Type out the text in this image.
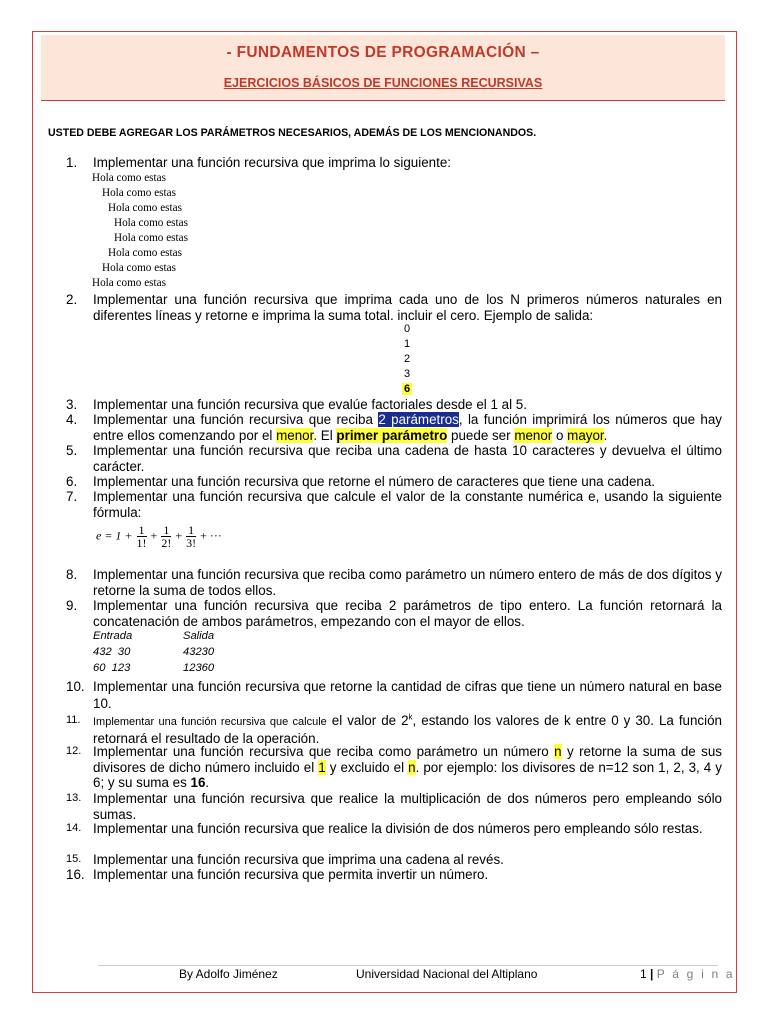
- FUNDAMENTOS DE PROGRAMACIÓN –
EJERCICIOS BÁSICOS DE FUNCIONES RECURSIVAS
USTED DEBE AGREGAR LOS PARÁMETROS NECESARIOS, ADEMÁS DE LOS MENCIONANDOS.
1. Implementar una función recursiva que imprima lo siguiente:
Hola como estas
Hola como estas
Hola como estas
Hola como estas
Hola como estas
Hola como estas
Hola como estas
Hola como estas
2. Implementar una función recursiva que imprima cada uno de los N primeros números naturales en diferentes líneas y retorne e imprima la suma total. incluir el cero. Ejemplo de salida:
0
1
2
3
6
3. Implementar una función recursiva que evalúe factoriales desde el 1 al 5.
4. Implementar una función recursiva que reciba 2 parámetros, la función imprimirá los números que hay entre ellos comenzando por el menor. El primer parámetro puede ser menor o mayor.
5. Implementar una función recursiva que reciba una cadena de hasta 10 caracteres y devuelva el último carácter.
6. Implementar una función recursiva que retorne el número de caracteres que tiene una cadena.
7. Implementar una función recursiva que calcule el valor de la constante numérica e, usando la siguiente fórmula:
$e = 1 + \frac{1}{1!} + \frac{1}{2!} + \frac{1}{3!}$ + ···
8. Implementar una función recursiva que reciba como parámetro un número entero de más de dos dígitos y retorne la suma de todos ellos.
9. Implementar una función recursiva que reciba 2 parámetros de tipo entero. La función retornará la concatenación de ambos parámetros, empezando con el mayor de ellos.
Entrada	Salida
432  30	43230
60  123	12360
10. Implementar una función recursiva que retorne la cantidad de cifras que tiene un número natural en base 10.
11. Implementar una función recursiva que calcule el valor de 2$^k$, estando los valores de k entre 0 y 30. La función retornará el resultado de la operación.
12. Implementar una función recursiva que reciba como parámetro un número n y retorne la suma de sus divisores de dicho número incluido el 1 y excluido el n. por ejemplo: los divisores de n=12 son 1, 2, 3, 4 y 6; y su suma es 16.
13. Implementar una función recursiva que realice la multiplicación de dos números pero empleando sólo sumas.
14. Implementar una función recursiva que realice la división de dos números pero empleando sólo restas.
15. Implementar una función recursiva que imprima una cadena al revés.
16. Implementar una función recursiva que permita invertir un número.
By Adolfo Jiménez	Universidad Nacional del Altiplano	1 | P á g i n a
